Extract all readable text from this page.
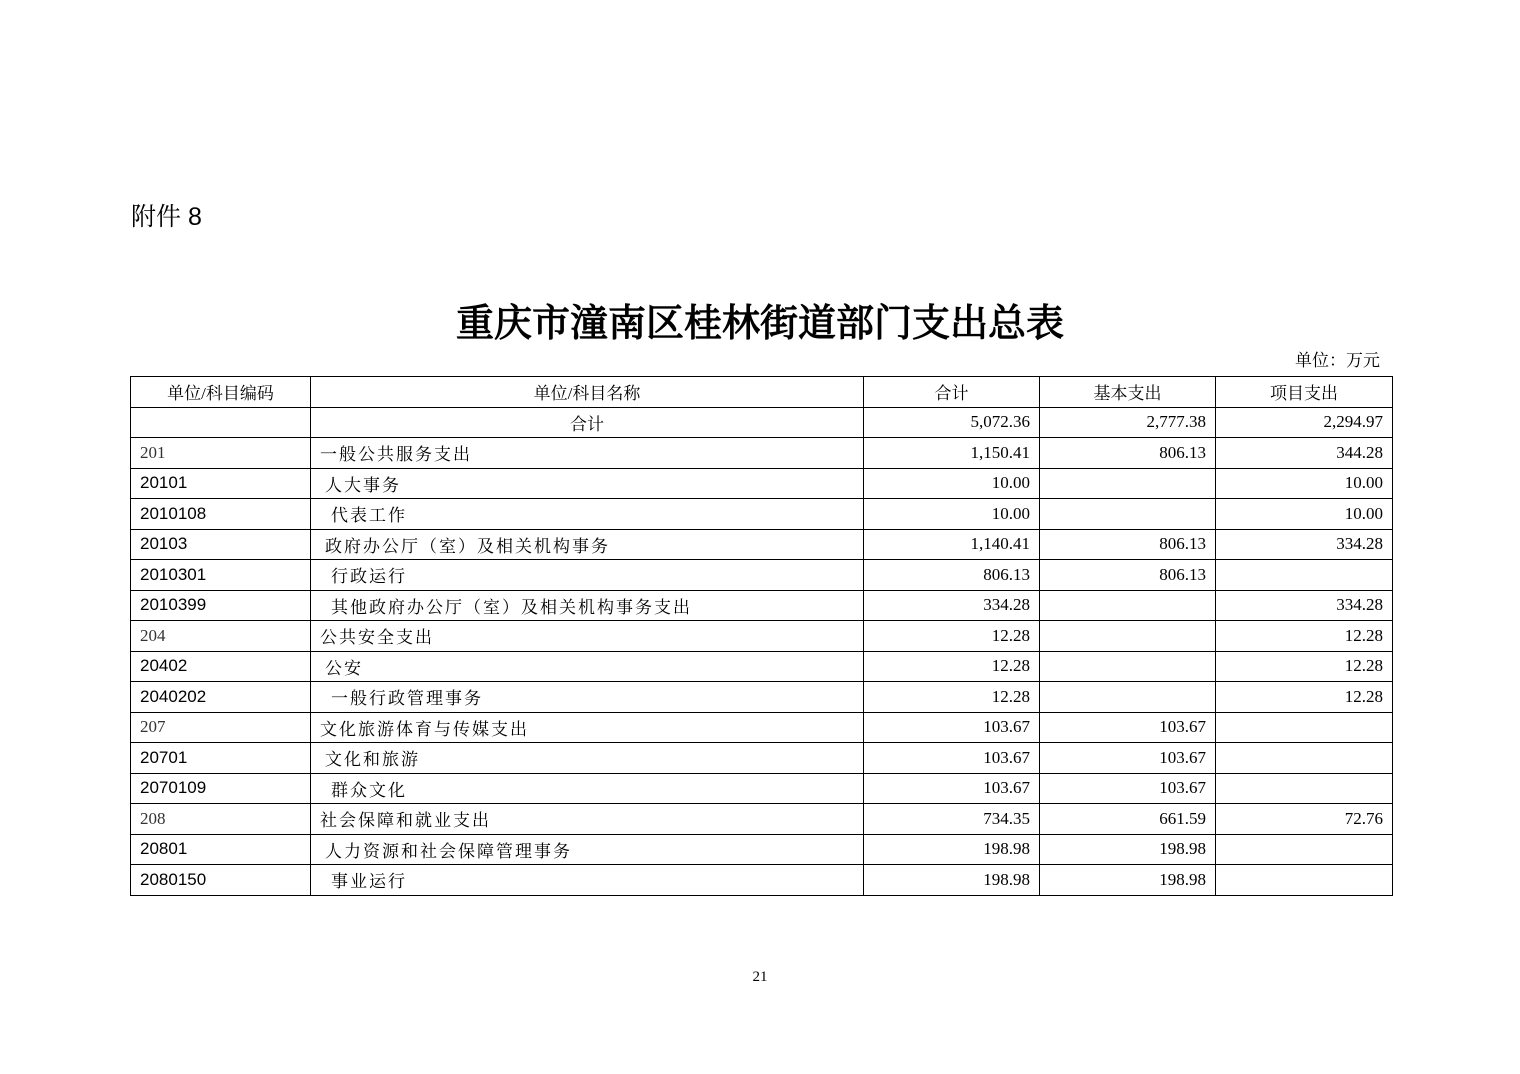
附件 8
重庆市潼南区桂林街道部门支出总表
单位：万元
单位/科目编码	单位/科目名称	合计	基本支出	项目支出
	合计	5,072.36	2,777.38	2,294.97
201	一般公共服务支出	1,150.41	806.13	344.28
20101	人大事务	10.00		10.00
2010108	代表工作	10.00		10.00
20103	政府办公厅（室）及相关机构事务	1,140.41	806.13	334.28
2010301	行政运行	806.13	806.13	
2010399	其他政府办公厅（室）及相关机构事务支出	334.28		334.28
204	公共安全支出	12.28		12.28
20402	公安	12.28		12.28
2040202	一般行政管理事务	12.28		12.28
207	文化旅游体育与传媒支出	103.67	103.67	
20701	文化和旅游	103.67	103.67	
2070109	群众文化	103.67	103.67	
208	社会保障和就业支出	734.35	661.59	72.76
20801	人力资源和社会保障管理事务	198.98	198.98	
2080150	事业运行	198.98	198.98	
21
